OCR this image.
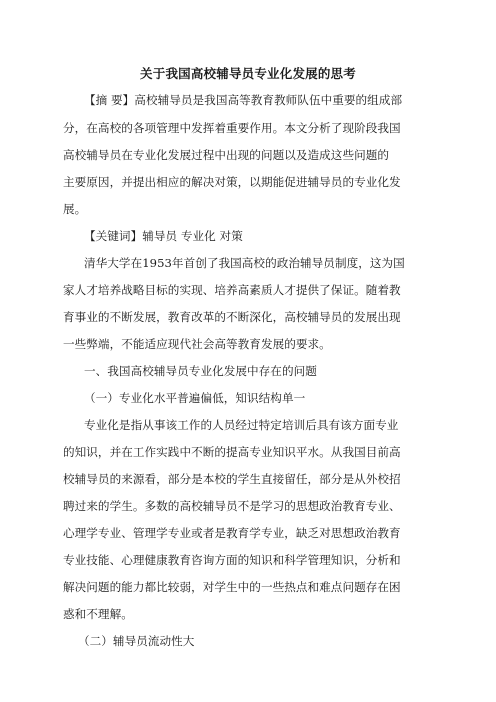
关于我国高校辅导员专业化发展的思考
【摘 要】高校辅导员是我国高等教育教师队伍中重要的组成部
分，在高校的各项管理中发挥着重要作用。本文分析了现阶段我国
高校辅导员在专业化发展过程中出现的问题以及造成这些问题的
主要原因，并提出相应的解决对策，以期能促进辅导员的专业化发
展。
【关键词】辅导员 专业化 对策
清华大学在1953年首创了我国高校的政治辅导员制度，这为国
家人才培养战略目标的实现、培养高素质人才提供了保证。随着教
育事业的不断发展，教育改革的不断深化，高校辅导员的发展出现
一些弊端，不能适应现代社会高等教育发展的要求。
一、我国高校辅导员专业化发展中存在的问题
（一）专业化水平普遍偏低，知识结构单一
专业化是指从事该工作的人员经过特定培训后具有该方面专业
的知识，并在工作实践中不断的提高专业知识平水。从我国目前高
校辅导员的来源看，部分是本校的学生直接留任，部分是从外校招
聘过来的学生。多数的高校辅导员不是学习的思想政治教育专业、
心理学专业、管理学专业或者是教育学专业，缺乏对思想政治教育
专业技能、心理健康教育咨询方面的知识和科学管理知识，分析和
解决问题的能力都比较弱，对学生中的一些热点和难点问题存在困
惑和不理解。
（二）辅导员流动性大
